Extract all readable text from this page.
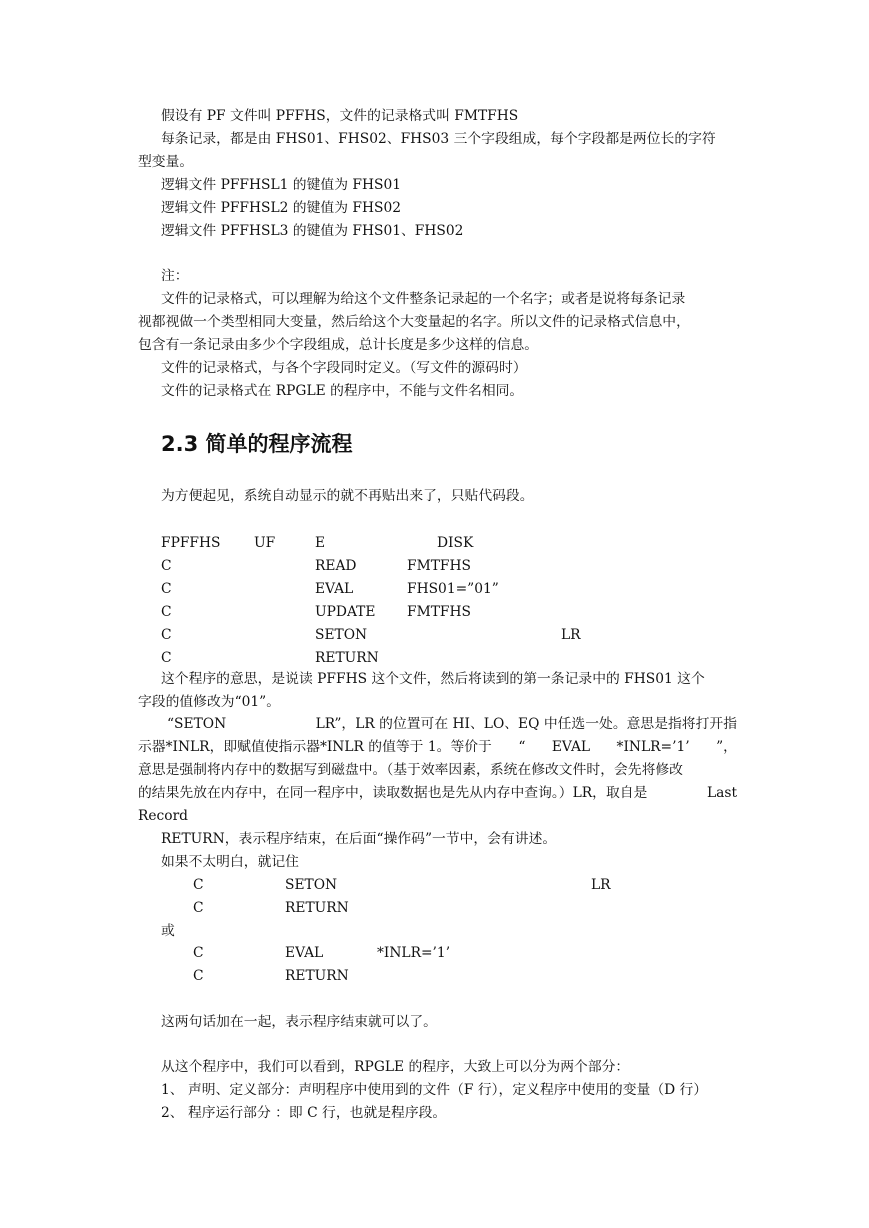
假设有 PF 文件叫 PFFHS，文件的记录格式叫 FMTFHS
每条记录，都是由 FHS01、FHS02、FHS03 三个字段组成，每个字段都是两位长的字符
型变量。
逻辑文件 PFFHSL1 的键值为 FHS01
逻辑文件 PFFHSL2 的键值为 FHS02
逻辑文件 PFFHSL3 的键值为 FHS01、FHS02
注：
文件的记录格式，可以理解为给这个文件整条记录起的一个名字；或者是说将每条记录
视都视做一个类型相同大变量，然后给这个大变量起的名字。所以文件的记录格式信息中，
包含有一条记录由多少个字段组成，总计长度是多少这样的信息。
文件的记录格式，与各个字段同时定义。（写文件的源码时）
文件的记录格式在 RPGLE 的程序中，不能与文件名相同。
2.3 简单的程序流程
为方便起见，系统自动显示的就不再贴出来了，只贴代码段。
FPFFHS UF	E	DISK
C	READ	FMTFHS
C	EVAL	FHS01=”01”
C	UPDATE FMTFHS
C	SETON	LR
C	RETURN
这个程序的意思，是说读 PFFHS 这个文件，然后将读到的第一条记录中的 FHS01 这个
字段的值修改为“01”。
“SETON	LR”，LR 的位置可在 HI、LO、EQ 中任选一处。意思是指将打开指
示器*INLR，即赋值使指示器*INLR 的值等于 1。等价于 “ EVAL *INLR=’1’ ”，
意思是强制将内存中的数据写到磁盘中。（基于效率因素，系统在修改文件时，会先将修改
的结果先放在内存中，在同一程序中，读取数据也是先从内存中查询。）LR，取自是	Last
Record
RETURN，表示程序结束，在后面“操作码”一节中，会有讲述。
如果不太明白，就记住
C	SETON	LR
C	RETURN
或
C	EVAL	*INLR=’1’
C	RETURN
这两句话加在一起，表示程序结束就可以了。
从这个程序中，我们可以看到，RPGLE 的程序，大致上可以分为两个部分：
1、 声明、定义部分：声明程序中使用到的文件（F 行），定义程序中使用的变量（D 行）
2、 程序运行部分 ：即 C 行，也就是程序段。
